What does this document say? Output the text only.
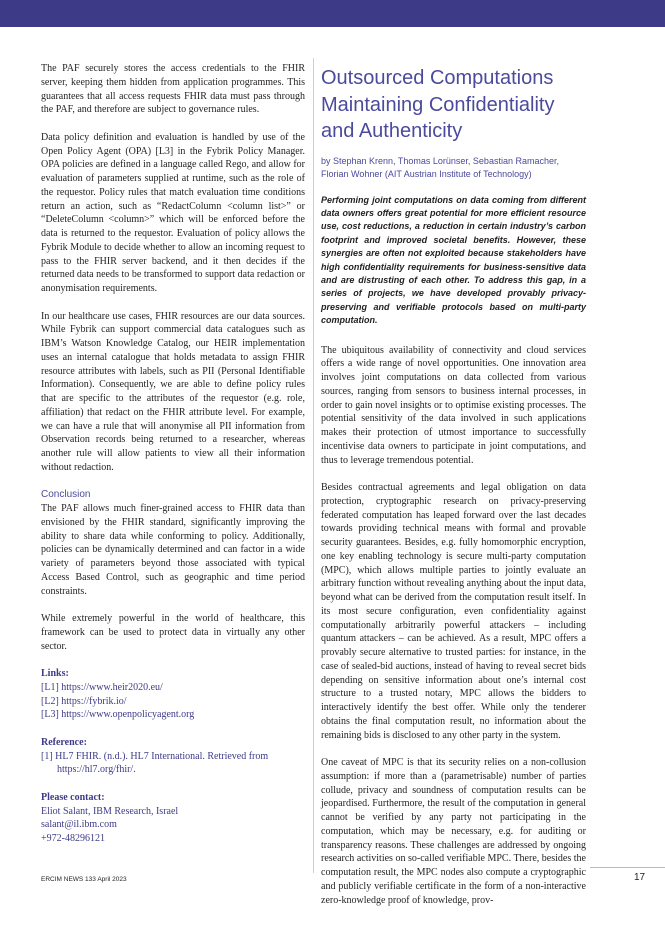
The PAF securely stores the access credentials to the FHIR server, keeping them hidden from application programmes. This guarantees that all access requests FHIR data must pass through the PAF, and therefore are subject to governance rules.

Data policy definition and evaluation is handled by use of the Open Policy Agent (OPA) [L3] in the Fybrik Policy Manager. OPA policies are defined in a language called Rego, and allow for evaluation of parameters supplied at runtime, such as the role of the requestor. Policy rules that match evaluation time conditions return an action, such as “RedactColumn <column list>” or “DeleteColumn <column>” which will be enforced before the data is returned to the requestor. Evaluation of policy allows the Fybrik Module to decide whether to allow an incoming request to pass to the FHIR server backend, and it then decides if the returned data needs to be transformed to support data redaction or anonymisation requirements.

In our healthcare use cases, FHIR resources are our data sources. While Fybrik can support commercial data catalogues such as IBM’s Watson Knowledge Catalog, our HEIR implementation uses an internal catalogue that holds metadata to assign FHIR resource attributes with labels, such as PII (Personal Identifiable Information). Consequently, we are able to define policy rules that are specific to the attributes of the requestor (e.g. role, affiliation) that redact on the FHIR attribute level. For example, we can have a rule that will anonymise all PII information from Observation records being returned to a researcher, whereas another rule will allow patients to view all their information without redaction.

Conclusion

The PAF allows much finer-grained access to FHIR data than envisioned by the FHIR standard, significantly improving the ability to share data while conforming to policy. Additionally, policies can be dynamically determined and can factor in a wide variety of parameters beyond those associated with typical Access Based Control, such as geographic and time period constraints.

While extremely powerful in the world of healthcare, this framework can be used to protect data in virtually any other sector.

Links:
[L1] https://www.heir2020.eu/
[L2] https://fybrik.io/
[L3] https://www.openpolicyagent.org
Reference:
[1] HL7 FHIR. (n.d.). HL7 International. Retrieved from https://hl7.org/fhir/.
Please contact:
Eliot Salant, IBM Research, Israel
salant@il.ibm.com
+972-48296121
Outsourced Computations Maintaining Confidentiality and Authenticity
by Stephan Krenn, Thomas Lorünser, Sebastian Ramacher, Florian Wohner (AIT Austrian Institute of Technology)
Performing joint computations on data coming from different data owners offers great potential for more efficient resource use, cost reductions, a reduction in certain industry’s carbon footprint and improved societal benefits. However, these synergies are often not exploited because stakeholders have high confidentiality requirements for business-sensitive data and are distrusting of each other. To address this gap, in a series of projects, we have developed provably privacy-preserving and verifiable protocols based on multi-party computation.

The ubiquitous availability of connectivity and cloud services offers a wide range of novel opportunities. One innovation area involves joint computations on data collected from various sources, ranging from sensors to business internal processes, in order to gain novel insights or to optimise existing processes. The potential sensitivity of the data involved in such applications makes their protection of utmost importance to successfully incentivise data owners to participate in joint computations, and thus to leverage tremendous potential.

Besides contractual agreements and legal obligation on data protection, cryptographic research on privacy-preserving federated computation has leaped forward over the last decades towards providing technical means with formal and provable security guarantees. Besides, e.g. fully homomorphic encryption, one key enabling technology is secure multi-party computation (MPC), which allows multiple parties to jointly evaluate an arbitrary function without revealing anything about the input data, beyond what can be derived from the computation result itself. In its most secure configuration, even confidentiality against computationally arbitrarily powerful attackers – including quantum attackers – can be achieved. As a result, MPC offers a provably secure alternative to trusted parties: for instance, in the case of sealed-bid auctions, instead of having to reveal secret bids depending on sensitive information about one’s internal cost structure to a trusted notary, MPC allows the bidders to interactively identify the best offer. While only the tenderer obtains the final computation result, no information about the remaining bids is disclosed to any other party in the system.

One caveat of MPC is that its security relies on a non-collusion assumption: if more than a (parametrisable) number of parties collude, privacy and soundness of computation results can be jeopardised. Furthermore, the result of the computation in general cannot be verified by any party not participating in the computation, which may be necessary, e.g. for auditing or transparency reasons. These challenges are addressed by ongoing research activities on so-called verifiable MPC. There, besides the computation result, the MPC nodes also compute a cryptographic and publicly verifiable certificate in the form of a non-interactive zero-knowledge proof of knowledge, prov-

ERCIM NEWS 133 April 2023	17
